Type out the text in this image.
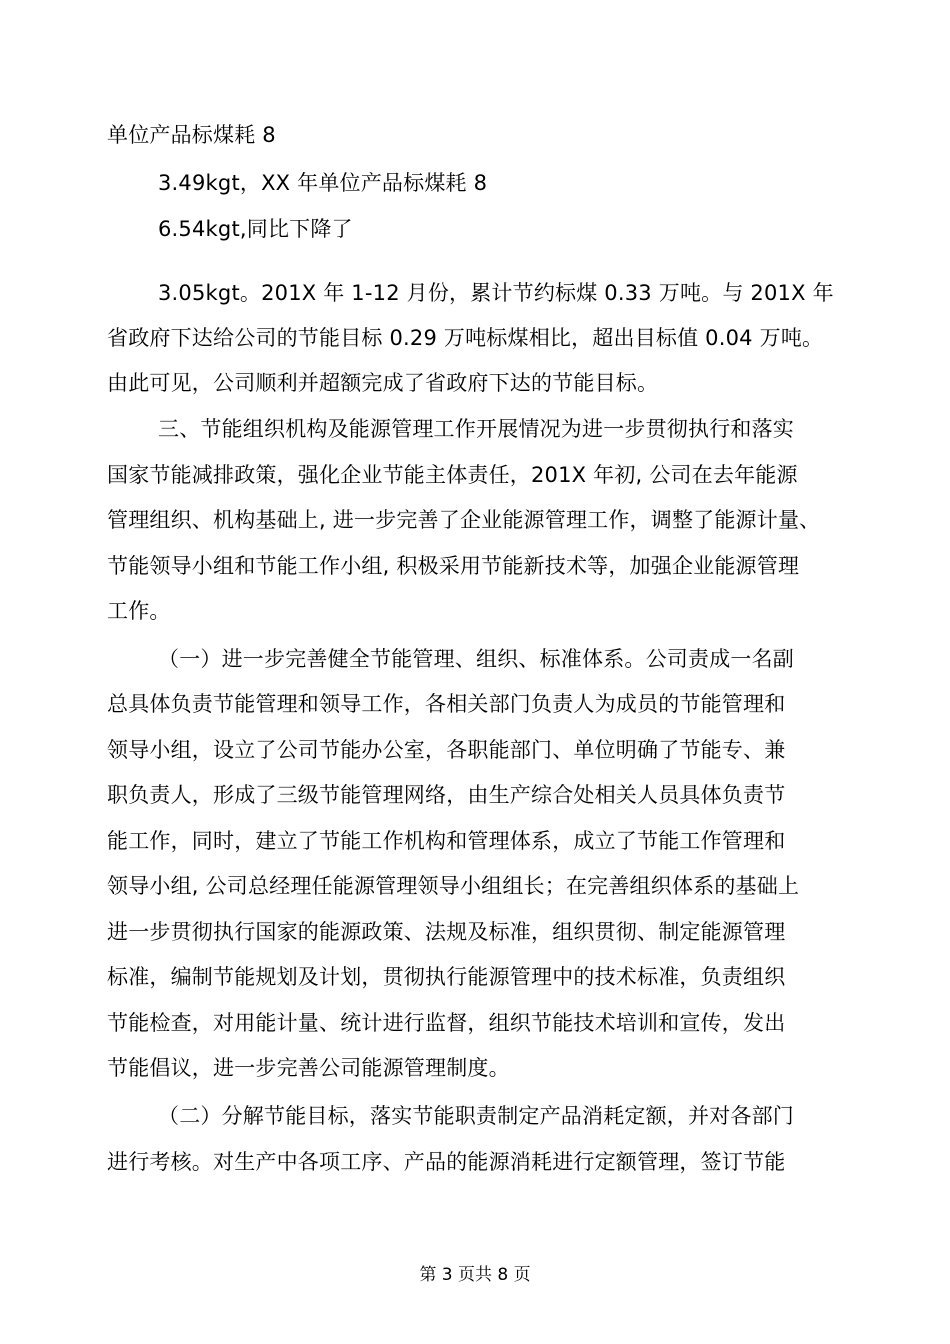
单位产品标煤耗 8
3.49kgt，XX 年单位产品标煤耗 8
6.54kgt,同比下降了
3.05kgt。201X 年 1-12 月份，累计节约标煤 0.33 万吨。与 201X 年
省政府下达给公司的节能目标 0.29 万吨标煤相比，超出目标值 0.04 万吨。
由此可见，公司顺利并超额完成了省政府下达的节能目标。
三、节能组织机构及能源管理工作开展情况为进一步贯彻执行和落实
国家节能减排政策，强化企业节能主体责任，201X 年初, 公司在去年能源
管理组织、机构基础上, 进一步完善了企业能源管理工作，调整了能源计量、
节能领导小组和节能工作小组, 积极采用节能新技术等，加强企业能源管理
工作。
（一）进一步完善健全节能管理、组织、标准体系。公司责成一名副
总具体负责节能管理和领导工作，各相关部门负责人为成员的节能管理和
领导小组，设立了公司节能办公室，各职能部门、单位明确了节能专、兼
职负责人，形成了三级节能管理网络，由生产综合处相关人员具体负责节
能工作，同时，建立了节能工作机构和管理体系，成立了节能工作管理和
领导小组, 公司总经理任能源管理领导小组组长；在完善组织体系的基础上
进一步贯彻执行国家的能源政策、法规及标准，组织贯彻、制定能源管理
标准，编制节能规划及计划，贯彻执行能源管理中的技术标准，负责组织
节能检查，对用能计量、统计进行监督，组织节能技术培训和宣传，发出
节能倡议，进一步完善公司能源管理制度。
（二）分解节能目标，落实节能职责制定产品消耗定额，并对各部门
进行考核。对生产中各项工序、产品的能源消耗进行定额管理，签订节能
第 3 页共 8 页
